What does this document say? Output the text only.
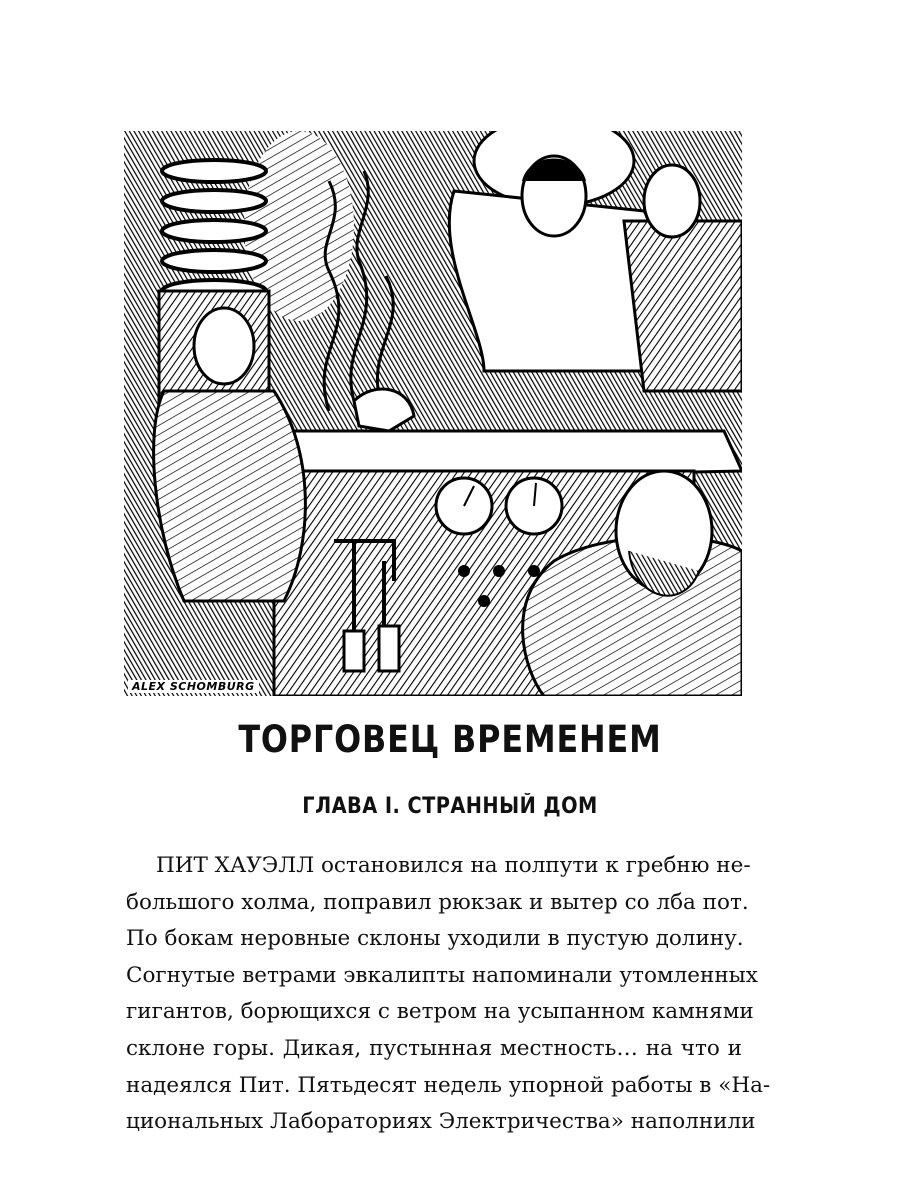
ALEX SCHOMBURG
ТОРГОВЕЦ ВРЕМЕНЕМ
ГЛАВА I. СТРАННЫЙ ДОМ
ПИТ ХАУЭЛЛ остановился на полпути к гребню не-
большого холма, поправил рюкзак и вытер со лба пот.
По бокам неровные склоны уходили в пустую долину.
Согнутые ветрами эвкалипты напоминали утомленных
гигантов, борющихся с ветром на усыпанном камнями
склоне горы. Дикая, пустынная местность… на что и
надеялся Пит. Пятьдесят недель упорной работы в «На-
циональных Лабораториях Электричества» наполнили
